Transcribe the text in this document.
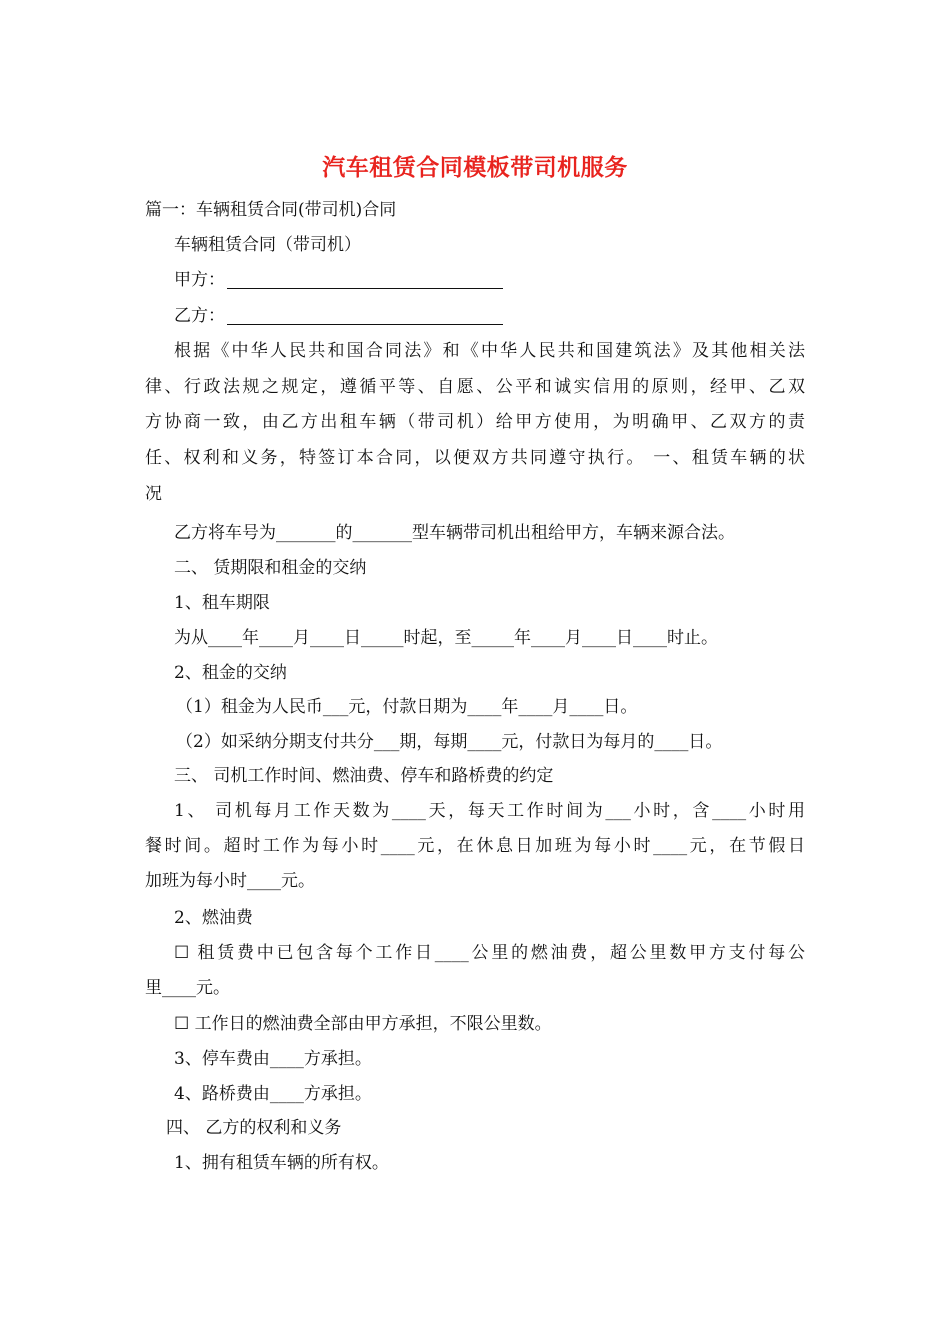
汽车租赁合同模板带司机服务
篇一：车辆租赁合同(带司机)合同
车辆租赁合同（带司机）
甲方：
乙方：
根据《中华人民共和国合同法》和《中华人民共和国建筑法》及其他相关法
律、行政法规之规定，遵循平等、自愿、公平和诚实信用的原则，经甲、乙双
方协商一致，由乙方出租车辆（带司机）给甲方使用，为明确甲、乙双方的责
任、权利和义务，特签订本合同，以便双方共同遵守执行。 一、租赁车辆的状
况
乙方将车号为_______的_______型车辆带司机出租给甲方，车辆来源合法。
二、 赁期限和租金的交纳
1、租车期限
为从____年____月____日_____时起，至_____年____月____日____时止。
2、租金的交纳
（1）租金为人民币___元，付款日期为____年____月____日。
（2）如采纳分期支付共分___期，每期____元，付款日为每月的____日。
三、 司机工作时间、燃油费、停车和路桥费的约定
1、 司机每月工作天数为____天，每天工作时间为___小时，含____小时用
餐时间。超时工作为每小时____元，在休息日加班为每小时____元，在节假日
加班为每小时____元。
2、燃油费
☐ 租赁费中已包含每个工作日____公里的燃油费，超公里数甲方支付每公
里____元。
☐ 工作日的燃油费全部由甲方承担，不限公里数。
3、停车费由____方承担。
4、路桥费由____方承担。
四、 乙方的权利和义务
1、拥有租赁车辆的所有权。
